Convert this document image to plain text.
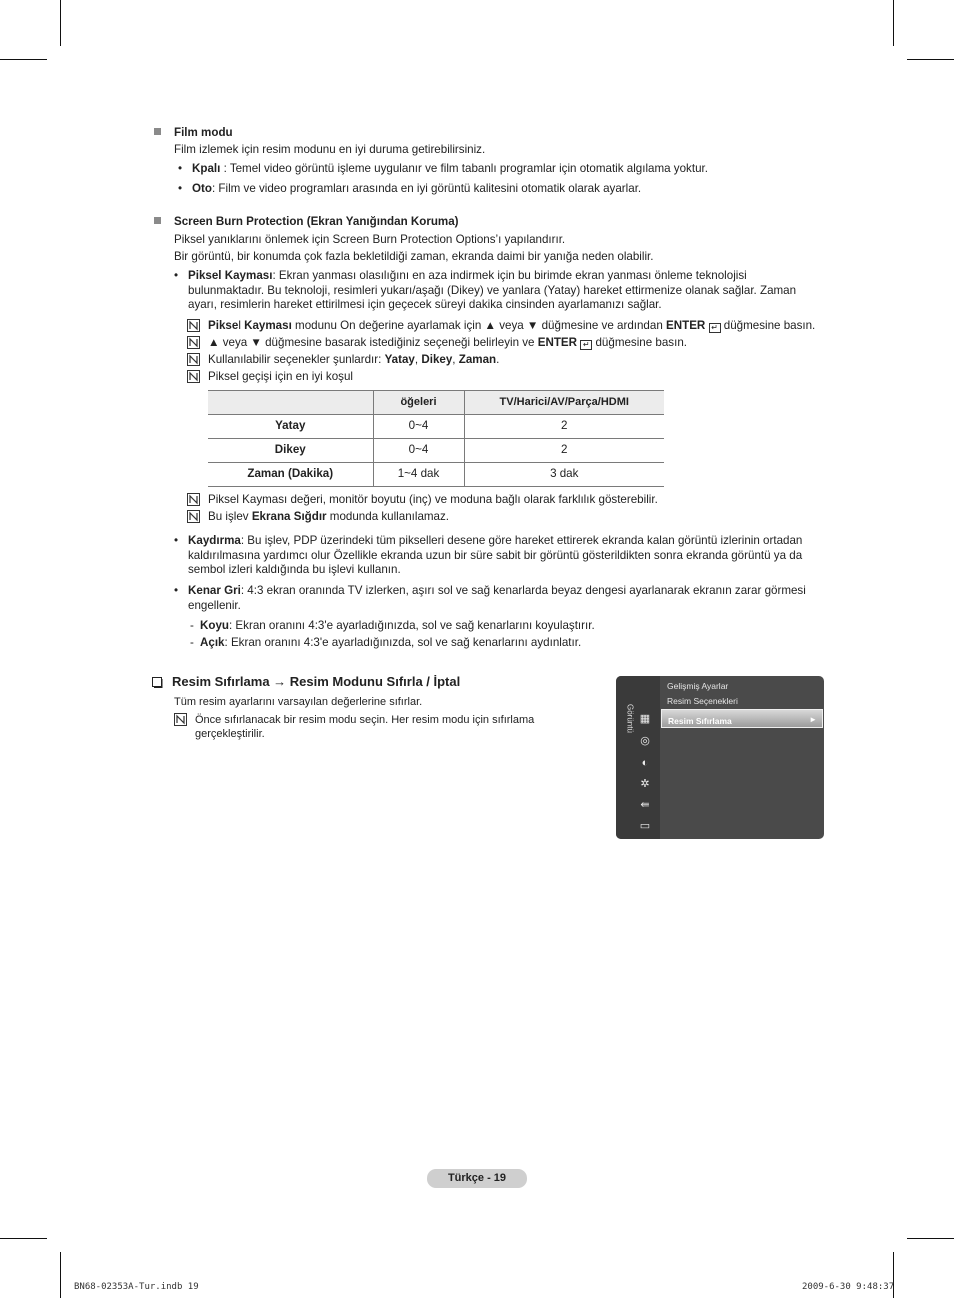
Film modu
Film izlemek için resim modunu en iyi duruma getirebilirsiniz.
• Kpalı : Temel video görüntü işleme uygulanır ve film tabanlı programlar için otomatik algılama yoktur.
• Oto: Film ve video programları arasında en iyi görüntü kalitesini otomatik olarak ayarlar.
Screen Burn Protection (Ekran Yanığından Koruma)
Piksel yanıklarını önlemek için Screen Burn Protection Options’ı yapılandırır.
Bir görüntü, bir konumda çok fazla bekletildiği zaman, ekranda daimi bir yanığa neden olabilir.
• Piksel Kayması: Ekran yanması olasılığını en aza indirmek için bu birimde ekran yanması önleme teknolojisi
bulunmaktadır. Bu teknoloji, resimleri yukarı/aşağı (Dikey) ve yanlara (Yatay) hareket ettirmenize olanak sağlar. Zaman
ayarı, resimlerin hareket ettirilmesi için geçecek süreyi dakika cinsinden ayarlamanızı sağlar.
Piksel Kayması modunu On değerine ayarlamak için ▲ veya ▼ düğmesine ve ardından ENTER ↵ düğmesine basın.
▲ veya ▼ düğmesine basarak istediğiniz seçeneği belirleyin ve ENTER ↵ düğmesine basın.
Kullanılabilir seçenekler şunlardır: Yatay, Dikey, Zaman.
Piksel geçişi için en iyi koşul
	öğeleri	TV/Harici/AV/Parça/HDMI
Yatay	0~4	2
Dikey	0~4	2
Zaman (Dakika)	1~4 dak	3 dak
Piksel Kayması değeri, monitör boyutu (inç) ve moduna bağlı olarak farklılık gösterebilir.
Bu işlev Ekrana Sığdır modunda kullanılamaz.
• Kaydırma: Bu işlev, PDP üzerindeki tüm pikselleri desene göre hareket ettirerek ekranda kalan görüntü izlerinin ortadan
kaldırılmasına yardımcı olur Özellikle ekranda uzun bir süre sabit bir görüntü gösterildikten sonra ekranda görüntü ya da
sembol izleri kaldığında bu işlevi kullanın.
• Kenar Gri: 4:3 ekran oranında TV izlerken, aşırı sol ve sağ kenarlarda beyaz dengesi ayarlanarak ekranın zarar görmesi
engellenir.
- Koyu: Ekran oranını 4:3'e ayarladığınızda, sol ve sağ kenarlarını koyulaştırır.
- Açık: Ekran oranını 4:3'e ayarladığınızda, sol ve sağ kenarlarını aydınlatır.
Resim Sıfırlama → Resim Modunu Sıfırla / İptal
Tüm resim ayarlarını varsayılan değerlerine sıfırlar.
Önce sıfırlanacak bir resim modu seçin. Her resim modu için sıfırlama
gerçekleştirilir.
Görüntü ▦
◎
◐
✲
⇚
▭
Gelişmiş Ayarlar
Resim Seçenekleri
Resim Sıfırlama	►
Türkçe - 19
BN68-02353A-Tur.indb 19	2009-6-30 9:48:37
